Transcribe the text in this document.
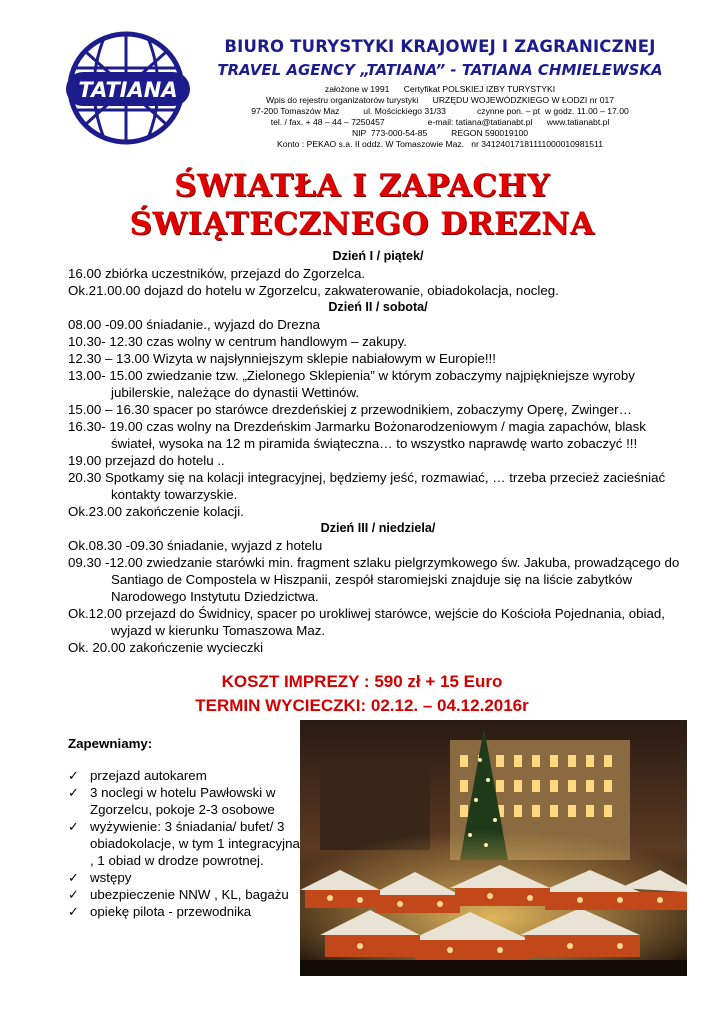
TATIANA
BIURO TURYSTYKI KRAJOWEJ I ZAGRANICZNEJ
TRAVEL AGENCY „TATIANA” - TATIANA CHMIELEWSKA
założone w 1991      Certyfikat POLSKIEJ IZBY TURYSTYKI
Wpis do rejestru organizatorów turystyki      URZĘDU WOJEWÓDZKIEGO W ŁODZI nr 017
97-200 Tomaszów Maz          ul. Mościckiego 31/33             czynne pon. – pt  w godz. 11.00 – 17.00
tel. / fax. + 48 – 44 – 7250457                  e-mail: tatiana@tatianabt.pl      www.tatianabt.pl
NIP  773-000-54-85          REGON 590019100
Konto : PEKAO s.a. II oddz. W Tomaszowie Maz.   nr 34124017181111000010981511
ŚWIATŁA I ZAPACHY
ŚWIĄTECZNEGO DREZNA
Dzień I / piątek/
16.00 zbiórka uczestników, przejazd do Zgorzelca.
Ok.21.00.00 dojazd do hotelu w Zgorzelcu, zakwaterowanie, obiadokolacja, nocleg.
Dzień II / sobota/
08.00 -09.00 śniadanie., wyjazd do Drezna
10.30- 12.30 czas wolny w centrum handlowym – zakupy.
12.30 – 13.00 Wizyta w najsłynniejszym sklepie nabiałowym w Europie!!!
13.00- 15.00 zwiedzanie tzw. „Zielonego Sklepienia” w którym zobaczymy najpiękniejsze wyroby jubilerskie, należące do dynastii Wettinów.
15.00 – 16.30 spacer po starówce drezdeńskiej z przewodnikiem, zobaczymy Operę, Zwinger…
16.30- 19.00 czas wolny na Drezdeńskim Jarmarku Bożonarodzeniowym / magia zapachów, blask świateł, wysoka na 12 m piramida świąteczna… to wszystko naprawdę warto zobaczyć !!!
19.00 przejazd do hotelu ..
20.30 Spotkamy się na kolacji integracyjnej, będziemy jeść, rozmawiać, … trzeba przecież zacieśniać kontakty towarzyskie.
Ok.23.00 zakończenie kolacji.
Dzień III / niedziela/
Ok.08.30 -09.30 śniadanie, wyjazd z hotelu
09.30 -12.00 zwiedzanie starówki min. fragment szlaku pielgrzymkowego św. Jakuba, prowadzącego do Santiago de Compostela w Hiszpanii, zespół staromiejski znajduje się na liście zabytków Narodowego Instytutu Dziedzictwa.
Ok.12.00 przejazd do Świdnicy, spacer po urokliwej starówce, wejście do Kościoła Pojednania, obiad, wyjazd w kierunku Tomaszowa Maz.
Ok. 20.00 zakończenie wycieczki
KOSZT IMPREZY : 590 zł + 15 Euro
TERMIN WYCIECZKI: 02.12. – 04.12.2016r
Zapewniamy:
✓ przejazd autokarem
✓ 3 noclegi w hotelu Pawłowski w Zgorzelcu, pokoje 2-3 osobowe
✓ wyżywienie: 3 śniadania/ bufet/ 3 obiadokolacje, w tym 1 integracyjna , 1 obiad w drodze powrotnej.
✓ wstępy
✓ ubezpieczenie NNW , KL, bagażu
✓ opiekę pilota - przewodnika
